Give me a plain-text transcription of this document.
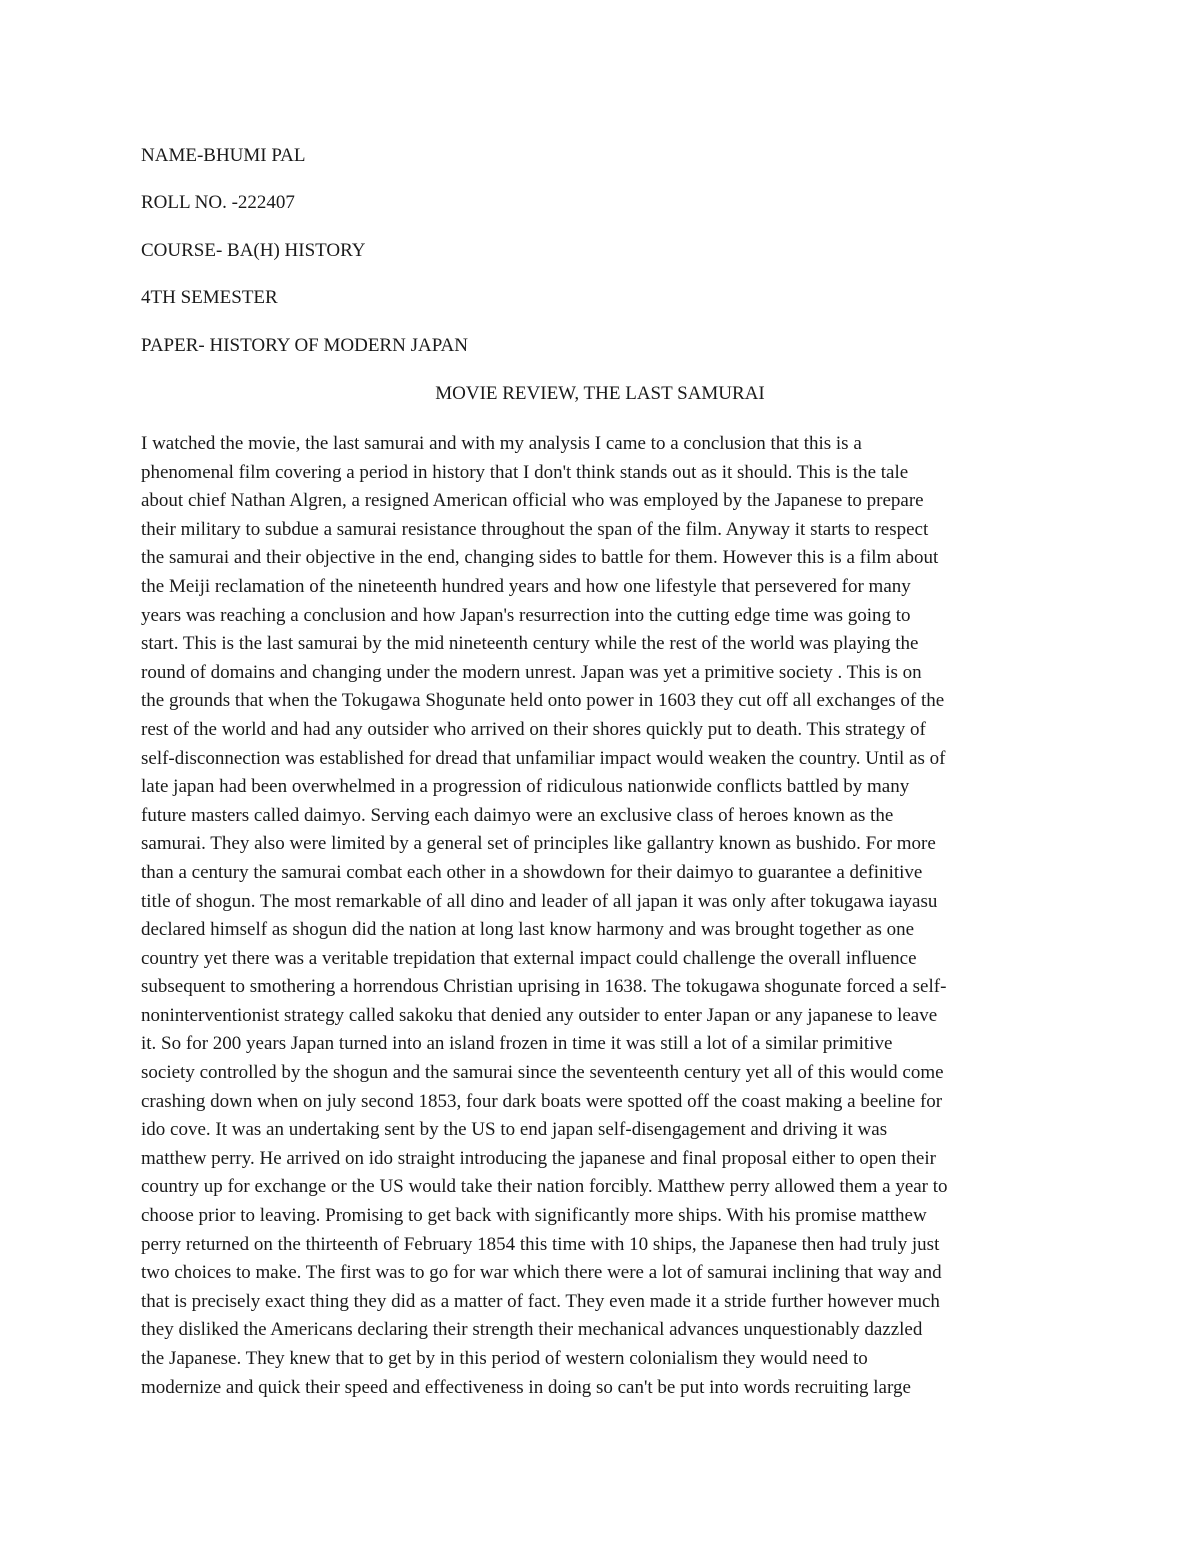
NAME-BHUMI PAL
ROLL NO. -222407
COURSE- BA(H) HISTORY
4TH SEMESTER
PAPER- HISTORY OF MODERN JAPAN
MOVIE REVIEW, THE LAST SAMURAI
I watched the movie, the last samurai and with my analysis I came to a conclusion that this is a
phenomenal film covering a period in history that I don't think stands out as it should. This is the tale
about chief Nathan Algren, a resigned American official who was employed by the Japanese to prepare
their military to subdue a samurai resistance throughout the span of the film. Anyway it starts to respect
the samurai and their objective in the end, changing sides to battle for them. However this is a film about
the Meiji reclamation of the nineteenth hundred years and how one lifestyle that persevered for many
years was reaching a conclusion and how Japan's resurrection into the cutting edge time was going to
start. This is the last samurai by the mid nineteenth century while the rest of the world was playing the
round of domains and changing under the modern unrest. Japan was yet a primitive society . This is on
the grounds that when the Tokugawa Shogunate held onto power in 1603 they cut off all exchanges of the
rest of the world and had any outsider who arrived on their shores quickly put to death. This strategy of
self-disconnection was established for dread that unfamiliar impact would weaken the country. Until as of
late japan had been overwhelmed in a progression of ridiculous nationwide conflicts battled by many
future masters called daimyo. Serving each daimyo were an exclusive class of heroes known as the
samurai. They also were limited by a general set of principles like gallantry known as bushido. For more
than a century the samurai combat each other in a showdown for their daimyo to guarantee a definitive
title of shogun. The most remarkable of all dino and leader of all japan it was only after tokugawa iayasu
declared himself as shogun did the nation at long last know harmony and was brought together as one
country yet there was a veritable trepidation that external impact could challenge the overall influence
subsequent to smothering a horrendous Christian uprising in 1638. The tokugawa shogunate forced a self-
noninterventionist strategy called sakoku that denied any outsider to enter Japan or any japanese to leave
it. So for 200 years Japan turned into an island frozen in time it was still a lot of a similar primitive
society controlled by the shogun and the samurai since the seventeenth century yet all of this would come
crashing down when on july second 1853, four dark boats were spotted off the coast making a beeline for
ido cove. It was an undertaking sent by the US to end japan self-disengagement and driving it was
matthew perry. He arrived on ido straight introducing the japanese and final proposal either to open their
country up for exchange or the US would take their nation forcibly. Matthew perry allowed them a year to
choose prior to leaving. Promising to get back with significantly more ships. With his promise matthew
perry returned on the thirteenth of February 1854 this time with 10 ships, the Japanese then had truly just
two choices to make. The first was to go for war which there were a lot of samurai inclining that way and
that is precisely exact thing they did as a matter of fact. They even made it a stride further however much
they disliked the Americans declaring their strength their mechanical advances unquestionably dazzled
the Japanese. They knew that to get by in this period of western colonialism they would need to
modernize and quick their speed and effectiveness in doing so can't be put into words recruiting large
